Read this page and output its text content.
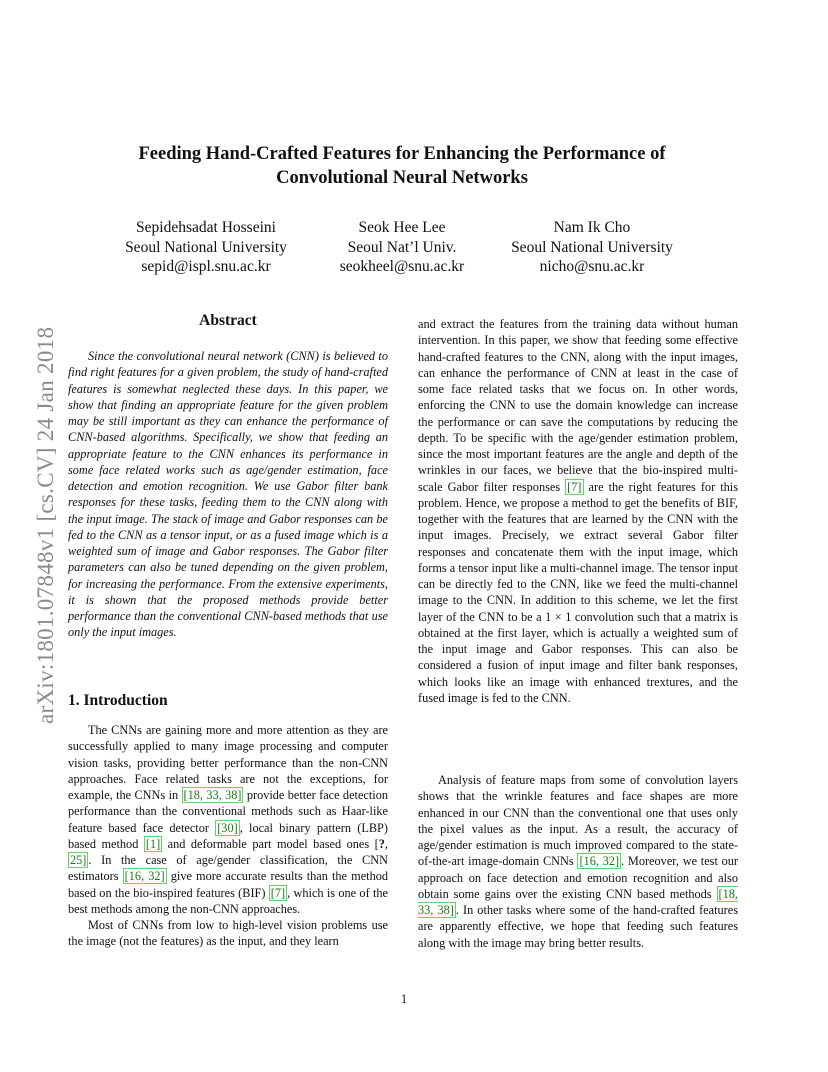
arXiv:1801.07848v1 [cs.CV] 24 Jan 2018
Feeding Hand-Crafted Features for Enhancing the Performance of
Convolutional Neural Networks
Sepidehsadat Hosseini
Seoul National University
sepid@ispl.snu.ac.kr
Seok Hee Lee
Seoul Nat’l Univ.
seokheel@snu.ac.kr
Nam Ik Cho
Seoul National University
nicho@snu.ac.kr
Abstract
Since the convolutional neural network (CNN) is believed to find right features for a given problem, the study of hand-crafted features is somewhat neglected these days. In this paper, we show that finding an appropriate feature for the given problem may be still important as they can enhance the performance of CNN-based algorithms. Specifically, we show that feeding an appropriate feature to the CNN enhances its performance in some face related works such as age/gender estimation, face detection and emotion recognition. We use Gabor filter bank responses for these tasks, feeding them to the CNN along with the input image. The stack of image and Gabor responses can be fed to the CNN as a tensor input, or as a fused image which is a weighted sum of image and Gabor responses. The Gabor filter parameters can also be tuned depending on the given problem, for increasing the performance. From the extensive experiments, it is shown that the proposed methods provide better performance than the conventional CNN-based methods that use only the input images.
1. Introduction

The CNNs are gaining more and more attention as they are successfully applied to many image processing and computer vision tasks, providing better performance than the non-CNN approaches. Face related tasks are not the exceptions, for example, the CNNs in [18, 33, 38] provide better face detection performance than the conventional methods such as Haar-like feature based face detector [30] , local binary pattern (LBP) based method [1] and deformable part model based ones [?, 25] . In the case of age/gender classification, the CNN estimators [16, 32] give more accurate results than the method based on the bio-inspired features (BIF) [7] , which is one of the best methods among the non-CNN approaches.

Most of CNNs from low to high-level vision problems use the image (not the features) as the input, and they learn

and extract the features from the training data without human intervention. In this paper, we show that feeding some effective hand-crafted features to the CNN, along with the input images, can enhance the performance of CNN at least in the case of some face related tasks that we focus on. In other words, enforcing the CNN to use the domain knowledge can increase the performance or can save the computations by reducing the depth. To be specific with the age/gender estimation problem, since the most important features are the angle and depth of the wrinkles in our faces, we believe that the bio-inspired multi-scale Gabor filter responses [7] are the right features for this problem. Hence, we propose a method to get the benefits of BIF, together with the features that are learned by the CNN with the input images. Precisely, we extract several Gabor filter responses and concatenate them with the input image, which forms a tensor input like a multi-channel image. The tensor input can be directly fed to the CNN, like we feed the multi-channel image to the CNN. In addition to this scheme, we let the first layer of the CNN to be a 1 × 1 convolution such that a matrix is obtained at the first layer, which is actually a weighted sum of the input image and Gabor responses. This can also be considered a fusion of input image and filter bank responses, which looks like an image with enhanced trextures, and the fused image is fed to the CNN.

Analysis of feature maps from some of convolution layers shows that the wrinkle features and face shapes are more enhanced in our CNN than the conventional one that uses only the pixel values as the input. As a result, the accuracy of age/gender estimation is much improved compared to the state-of-the-art image-domain CNNs [16, 32] . Moreover, we test our approach on face detection and emotion recognition and also obtain some gains over the existing CNN based methods [18, 33, 38] . In other tasks where some of the hand-crafted features are apparently effective, we hope that feeding such features along with the image may bring better results.

1
